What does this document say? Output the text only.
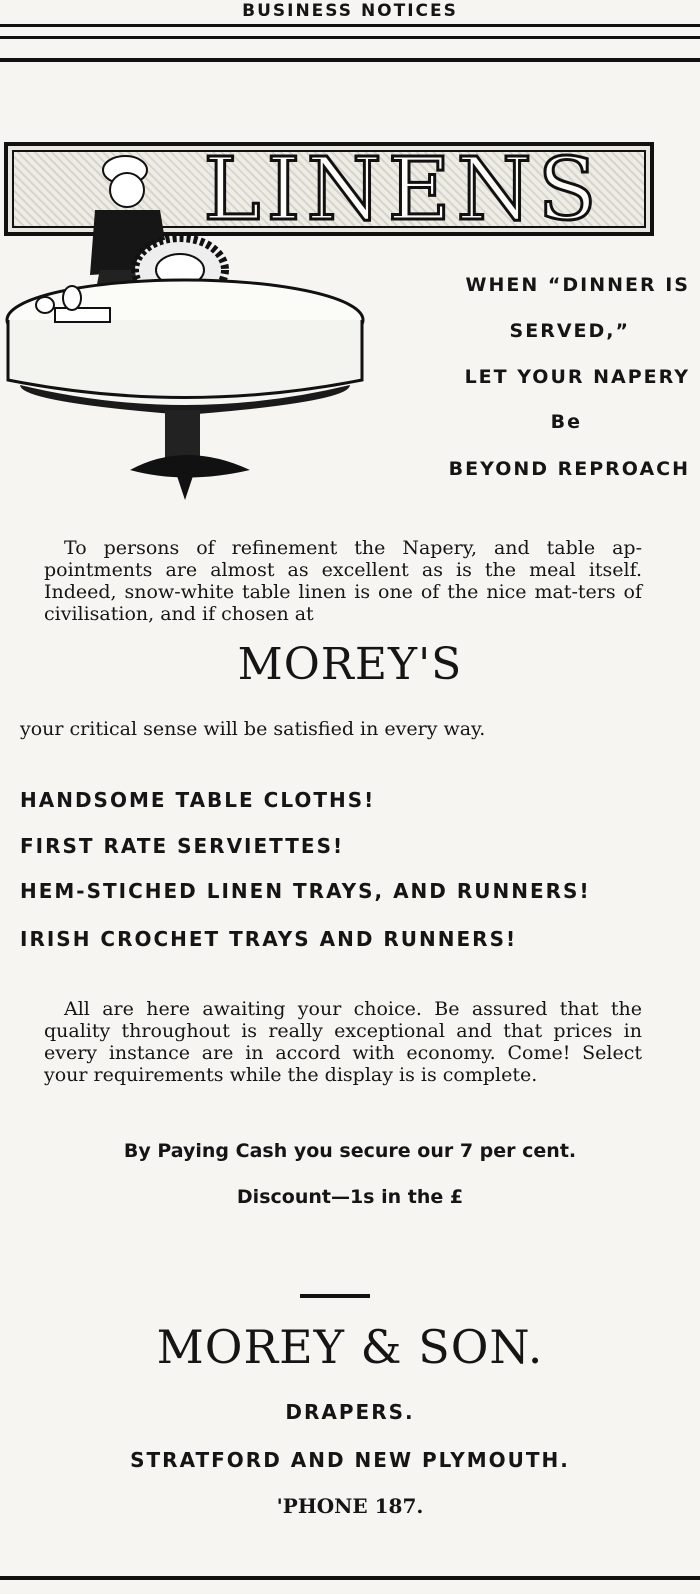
BUSINESS NOTICES
LINENS
WHEN “DINNER IS
SERVED,”
LET YOUR NAPERY
Be
BEYOND REPROACH
To persons of refinement the Napery, and table ap-pointments are almost as excellent as is the meal itself. Indeed, snow-white table linen is one of the nice mat-ters of civilisation, and if chosen at
MOREY'S
your critical sense will be satisfied in every way.
HANDSOME TABLE CLOTHS!
FIRST RATE SERVIETTES!
HEM-STICHED LINEN TRAYS, AND RUNNERS!
IRISH CROCHET TRAYS AND RUNNERS!
All are here awaiting your choice. Be assured that the quality throughout is really exceptional and that prices in every instance are in accord with economy. Come! Select your requirements while the display is is complete.
By Paying Cash you secure our 7 per cent.
Discount—1s in the £
MOREY & SON.
DRAPERS.
STRATFORD AND NEW PLYMOUTH.
'PHONE 187.
